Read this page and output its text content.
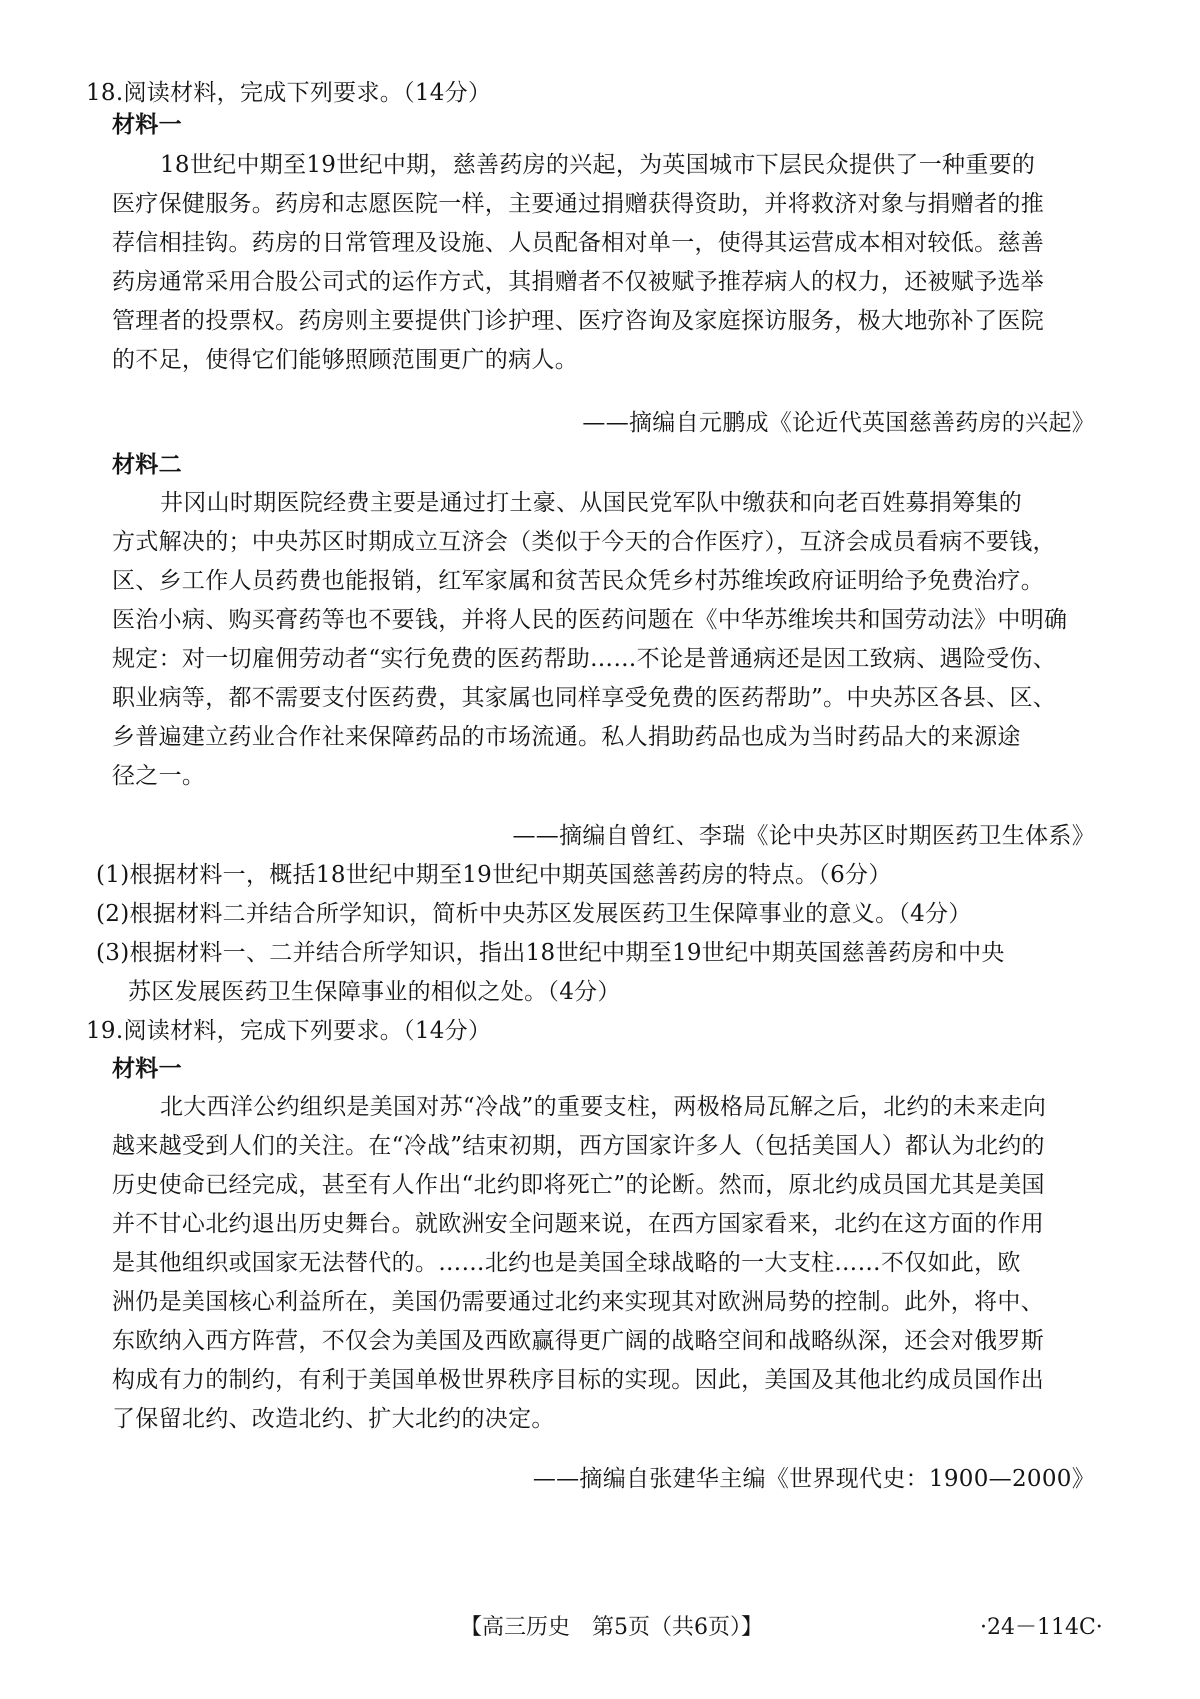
18.阅读材料，完成下列要求。（14分）
材料一
18世纪中期至19世纪中期，慈善药房的兴起，为英国城市下层民众提供了一种重要的
医疗保健服务。药房和志愿医院一样，主要通过捐赠获得资助，并将救济对象与捐赠者的推
荐信相挂钩。药房的日常管理及设施、人员配备相对单一，使得其运营成本相对较低。慈善
药房通常采用合股公司式的运作方式，其捐赠者不仅被赋予推荐病人的权力，还被赋予选举
管理者的投票权。药房则主要提供门诊护理、医疗咨询及家庭探访服务，极大地弥补了医院
的不足，使得它们能够照顾范围更广的病人。
——摘编自元鹏成《论近代英国慈善药房的兴起》
材料二
井冈山时期医院经费主要是通过打土豪、从国民党军队中缴获和向老百姓募捐筹集的
方式解决的；中央苏区时期成立互济会（类似于今天的合作医疗），互济会成员看病不要钱，
区、乡工作人员药费也能报销，红军家属和贫苦民众凭乡村苏维埃政府证明给予免费治疗。
医治小病、购买膏药等也不要钱，并将人民的医药问题在《中华苏维埃共和国劳动法》中明确
规定：对一切雇佣劳动者“实行免费的医药帮助……不论是普通病还是因工致病、遇险受伤、
职业病等，都不需要支付医药费，其家属也同样享受免费的医药帮助”。中央苏区各县、区、
乡普遍建立药业合作社来保障药品的市场流通。私人捐助药品也成为当时药品大的来源途
径之一。
——摘编自曾红、李瑞《论中央苏区时期医药卫生体系》
(1)根据材料一，概括18世纪中期至19世纪中期英国慈善药房的特点。（6分）
(2)根据材料二并结合所学知识，简析中央苏区发展医药卫生保障事业的意义。（4分）
(3)根据材料一、二并结合所学知识，指出18世纪中期至19世纪中期英国慈善药房和中央
苏区发展医药卫生保障事业的相似之处。（4分）
19.阅读材料，完成下列要求。（14分）
材料一
北大西洋公约组织是美国对苏“冷战”的重要支柱，两极格局瓦解之后，北约的未来走向
越来越受到人们的关注。在“冷战”结束初期，西方国家许多人（包括美国人）都认为北约的
历史使命已经完成，甚至有人作出“北约即将死亡”的论断。然而，原北约成员国尤其是美国
并不甘心北约退出历史舞台。就欧洲安全问题来说，在西方国家看来，北约在这方面的作用
是其他组织或国家无法替代的。……北约也是美国全球战略的一大支柱……不仅如此，欧
洲仍是美国核心利益所在，美国仍需要通过北约来实现其对欧洲局势的控制。此外，将中、
东欧纳入西方阵营，不仅会为美国及西欧赢得更广阔的战略空间和战略纵深，还会对俄罗斯
构成有力的制约，有利于美国单极世界秩序目标的实现。因此，美国及其他北约成员国作出
了保留北约、改造北约、扩大北约的决定。
——摘编自张建华主编《世界现代史：1900—2000》
【高三历史　第5页（共6页）】	·24－114C·
